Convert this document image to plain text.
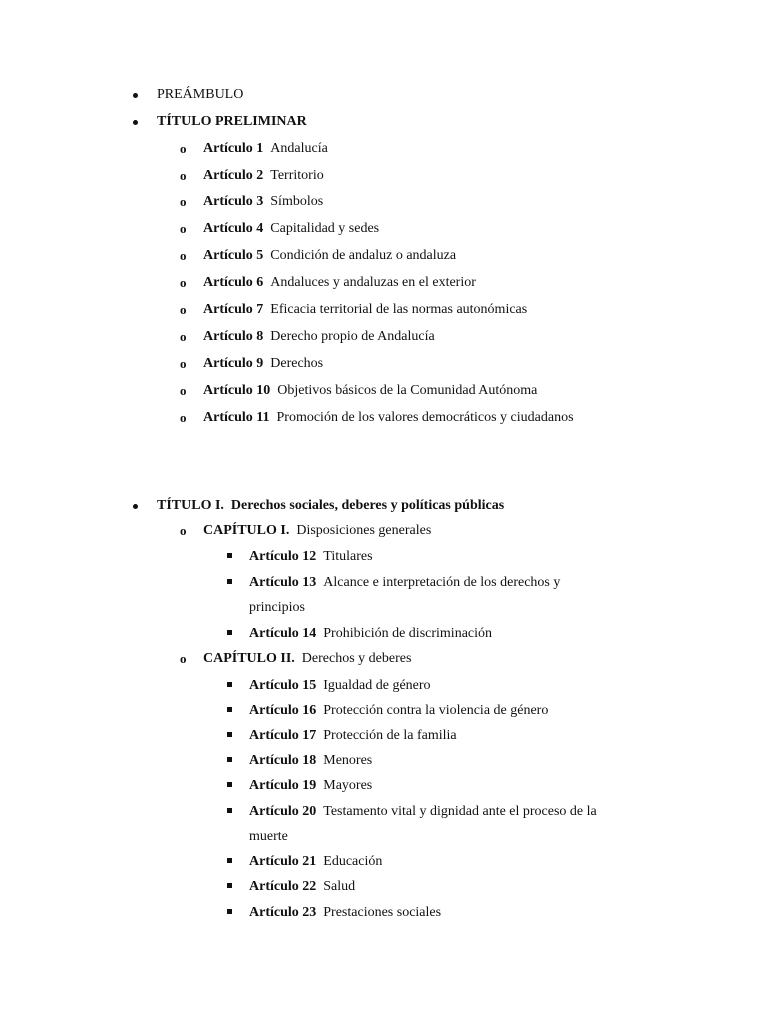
PREÁMBULO
TÍTULO PRELIMINAR
o Artículo 1 Andalucía
o Artículo 2 Territorio
o Artículo 3 Símbolos
o Artículo 4 Capitalidad y sedes
o Artículo 5 Condición de andaluz o andaluza
o Artículo 6 Andaluces y andaluzas en el exterior
o Artículo 7 Eficacia territorial de las normas autonómicas
o Artículo 8 Derecho propio de Andalucía
o Artículo 9 Derechos
o Artículo 10 Objetivos básicos de la Comunidad Autónoma
o Artículo 11 Promoción de los valores democráticos y ciudadanos
TÍTULO I. Derechos sociales, deberes y políticas públicas
o CAPÍTULO I. Disposiciones generales
Artículo 12 Titulares
Artículo 13 Alcance e interpretación de los derechos y
principios
Artículo 14 Prohibición de discriminación
o CAPÍTULO II. Derechos y deberes
Artículo 15 Igualdad de género
Artículo 16 Protección contra la violencia de género
Artículo 17 Protección de la familia
Artículo 18 Menores
Artículo 19 Mayores
Artículo 20 Testamento vital y dignidad ante el proceso de la
muerte
Artículo 21 Educación
Artículo 22 Salud
Artículo 23 Prestaciones sociales
